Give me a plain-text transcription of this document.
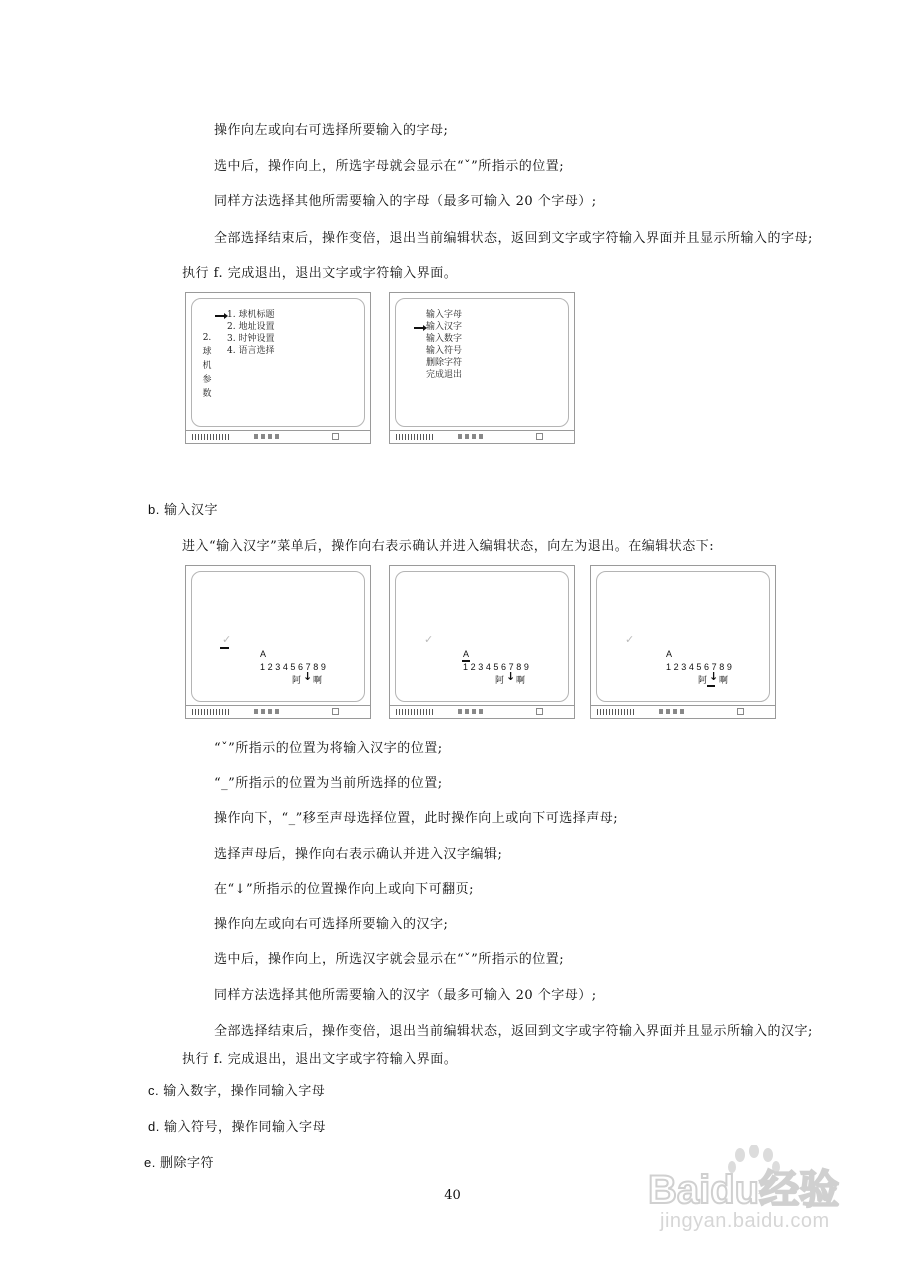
操作向左或向右可选择所要输入的字母;
选中后，操作向上，所选字母就会显示在“ˇ”所指示的位置;
同样方法选择其他所需要输入的字母（最多可输入 20 个字母）;
全部选择结束后，操作变倍，退出当前编辑状态，返回到文字或字符输入界面并且显示所输入的字母;
执行 f. 完成退出，退出文字或字符输入界面。
1. 球机标题
2. 地址设置
3. 时钟设置
4. 语言选择
2.
球
机
参
数
输入字母
输入汉字
输入数字
输入符号
删除字符
完成退出
b. 输入汉字
进入“输入汉字”菜单后，操作向右表示确认并进入编辑状态，向左为退出。在编辑状态下:
✓
A
123456789
阿 ↓ 啊
✓
A
123456789
阿 ↓ 啊
✓
A
123456789
阿 ↓ 啊
“ˇ”所指示的位置为将输入汉字的位置;
“_”所指示的位置为当前所选择的位置;
操作向下，“_”移至声母选择位置，此时操作向上或向下可选择声母;
选择声母后，操作向右表示确认并进入汉字编辑;
在“↓”所指示的位置操作向上或向下可翻页;
操作向左或向右可选择所要输入的汉字;
选中后，操作向上，所选汉字就会显示在“ˇ”所指示的位置;
同样方法选择其他所需要输入的汉字（最多可输入 20 个字母）;
全部选择结束后，操作变倍，退出当前编辑状态，返回到文字或字符输入界面并且显示所输入的汉字;
执行 f. 完成退出，退出文字或字符输入界面。
c. 输入数字，操作同输入字母
d. 输入符号，操作同输入字母
e. 删除字符
40	Baidu经验
jingyan.baidu.com
